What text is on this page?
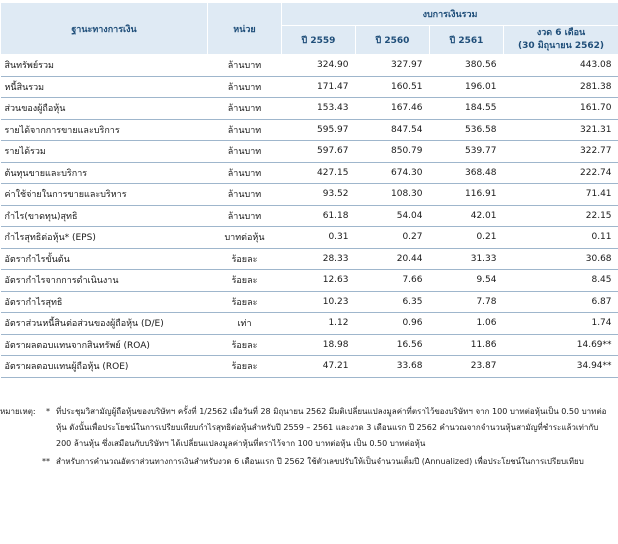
ฐานะทางการเงิน	หน่วย	งบการเงินรวม			
		ปี 2559	ปี 2560	ปี 2561	งวด 6 เดือน
(30 มิถุนายน 2562)

สินทรัพย์รวม	ล้านบาท	324.90	327.97	380.56	443.08
หนี้สินรวม	ล้านบาท	171.47	160.51	196.01	281.38
ส่วนของผู้ถือหุ้น	ล้านบาท	153.43	167.46	184.55	161.70
รายได้จากการขายและบริการ	ล้านบาท	595.97	847.54	536.58	321.31
รายได้รวม	ล้านบาท	597.67	850.79	539.77	322.77
ต้นทุนขายและบริการ	ล้านบาท	427.15	674.30	368.48	222.74
ค่าใช้จ่ายในการขายและบริหาร	ล้านบาท	93.52	108.30	116.91	71.41
กำไร(ขาดทุน)สุทธิ	ล้านบาท	61.18	54.04	42.01	22.15
กำไรสุทธิต่อหุ้น* (EPS)	บาทต่อหุ้น	0.31	0.27	0.21	0.11
อัตรากำไรขั้นต้น	ร้อยละ	28.33	20.44	31.33	30.68
อัตรากำไรจากการดำเนินงาน	ร้อยละ	12.63	7.66	9.54	8.45
อัตรากำไรสุทธิ	ร้อยละ	10.23	6.35	7.78	6.87
อัตราส่วนหนี้สินต่อส่วนของผู้ถือหุ้น (D/E)	เท่า	1.12	0.96	1.06	1.74
อัตราผลตอบแทนจากสินทรัพย์ (ROA)	ร้อยละ	18.98	16.56	11.86	14.69**
อัตราผลตอบแทนผู้ถือหุ้น (ROE)	ร้อยละ	47.21	33.68	23.87	34.94**
หมายเหตุ:	* ที่ประชุมวิสามัญผู้ถือหุ้นของบริษัทฯ ครั้งที่ 1/2562 เมื่อวันที่ 28 มิถุนายน 2562 มีมติเปลี่ยนแปลงมูลค่าที่ตราไว้ของบริษัทฯ จาก 100 บาทต่อหุ้นเป็น 0.50 บาทต่อหุ้น ดังนั้นเพื่อประโยชน์ในการเปรียบเทียบกำไรสุทธิต่อหุ้นสำหรับปี 2559 – 2561 และงวด 3 เดือนแรก ปี 2562 คำนวณจากจำนวนหุ้นสามัญที่ชำระแล้วเท่ากับ 200 ล้านหุ้น ซึ่งเสมือนกับบริษัทฯ ได้เปลี่ยนแปลงมูลค่าหุ้นที่ตราไว้จาก 100 บาทต่อหุ้น เป็น 0.50 บาทต่อหุ้น
** สำหรับการคำนวณอัตราส่วนทางการเงินสำหรับงวด 6 เดือนแรก ปี 2562 ใช้ตัวเลขปรับให้เป็นจำนวนเต็มปี (Annualized) เพื่อประโยชน์ในการเปรียบเทียบ
